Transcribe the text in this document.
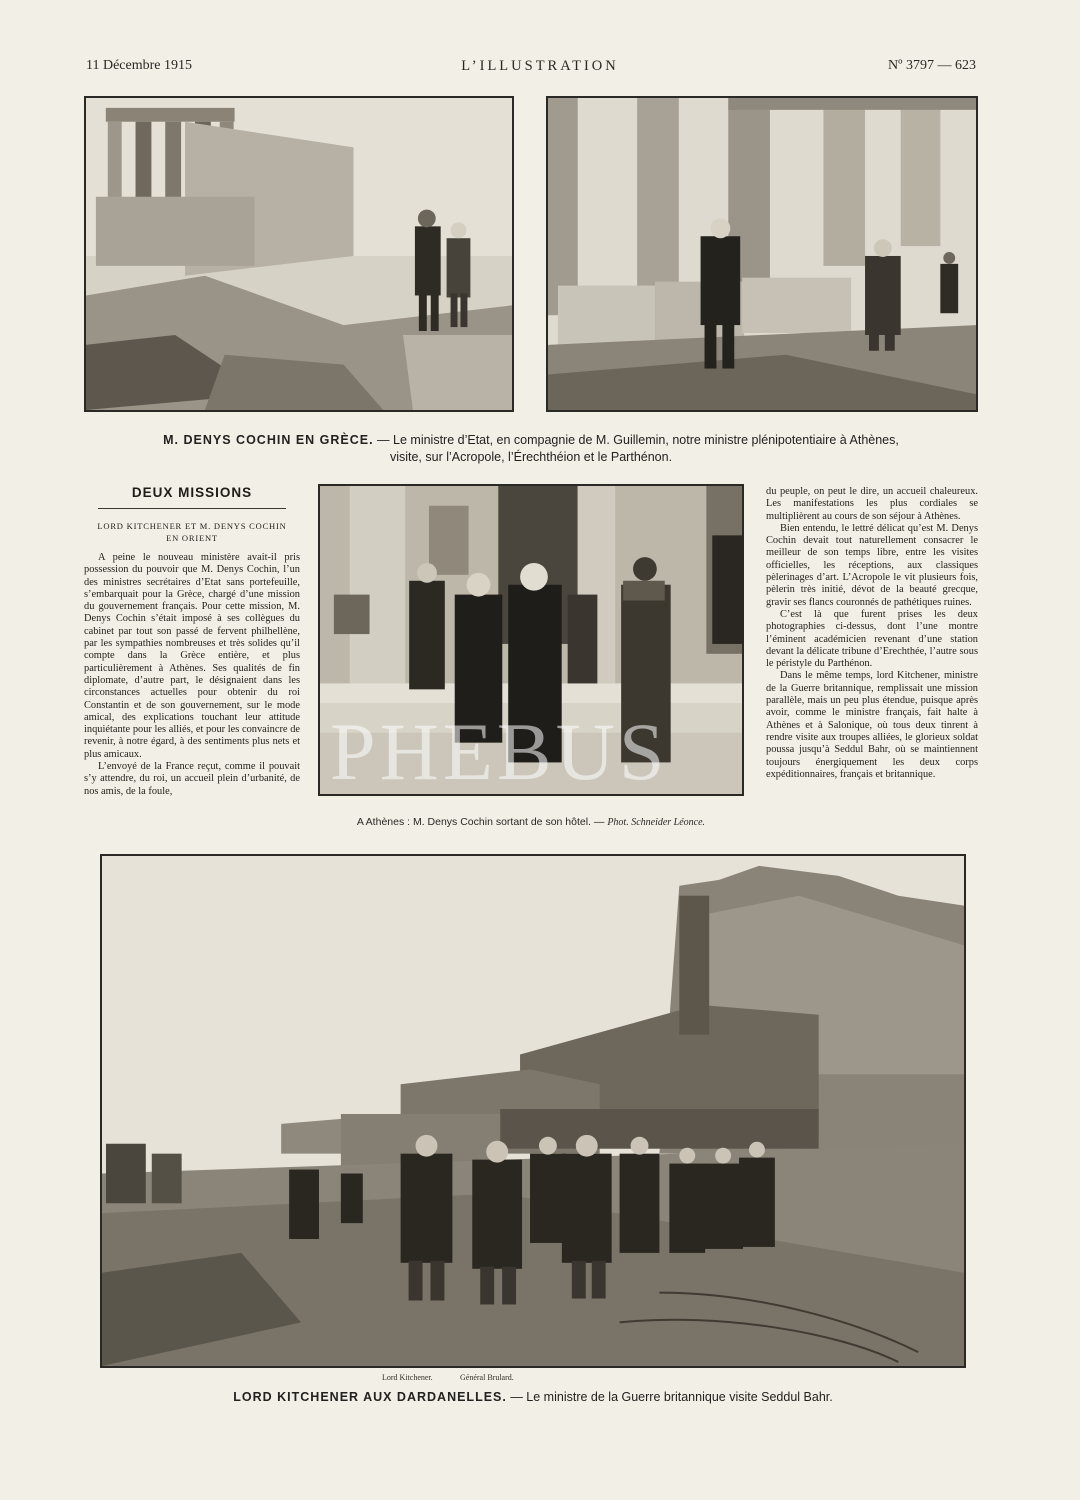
11 Décembre 1915	L’ILLUSTRATION	Nº 3797 — 623
M. DENYS COCHIN EN GRÈCE. — Le ministre d’Etat, en compagnie de M. Guillemin, notre ministre plénipotentiaire à Athènes,
visite, sur l’Acropole, l’Érechthéion et le Parthénon.
DEUX MISSIONS
LORD KITCHENER ET M. DENYS COCHIN
EN ORIENT

A peine le nouveau ministère avait-il pris possession du pouvoir que M. Denys Cochin, l’un des ministres secrétaires d’Etat sans portefeuille, s’embarquait pour la Grèce, chargé d’une mission du gouvernement français. Pour cette mission, M. Denys Cochin s’était imposé à ses collègues du cabinet par tout son passé de fervent philhellène, par les sympathies nombreuses et très solides qu’il compte dans la Grèce entière, et plus particulièrement à Athènes. Ses qualités de fin diplomate, d’autre part, le désignaient dans les circonstances actuelles pour obtenir du roi Constantin et de son gouvernement, sur le mode amical, des explications touchant leur attitude inquiétante pour les alliés, et pour les convaincre de revenir, à notre égard, à des sentiments plus nets et plus amicaux.

L’envoyé de la France reçut, comme il pouvait s’y attendre, du roi, un accueil plein d’urbanité, de nos amis, de la foule,

A Athènes : M. Denys Cochin sortant de son hôtel. — Phot. Schneider Léonce.

du peuple, on peut le dire, un accueil chaleureux. Les manifestations les plus cordiales se multiplièrent au cours de son séjour à Athènes.

Bien entendu, le lettré délicat qu’est M. Denys Cochin devait tout naturellement consacrer le meilleur de son temps libre, entre les visites officielles, les réceptions, aux classiques pèlerinages d’art. L’Acropole le vit plusieurs fois, pèlerin très initié, dévot de la beauté grecque, gravir ses flancs couronnés de pathétiques ruines.

C’est là que furent prises les deux photographies ci-dessus, dont l’une montre l’éminent académicien revenant d’une station devant la délicate tribune d’Erechthée, l’autre sous le péristyle du Parthénon.

Dans le même temps, lord Kitchener, ministre de la Guerre britannique, remplissait une mission parallèle, mais un peu plus étendue, puisque après avoir, comme le ministre français, fait halte à Athènes et à Salonique, où tous deux tinrent à rendre visite aux troupes alliées, le glorieux soldat poussa jusqu’à Seddul Bahr, où se maintiennent toujours énergiquement les deux corps expéditionnaires, français et britannique.

Lord Kitchener.	Général Brulard.
LORD KITCHENER AUX DARDANELLES. — Le ministre de la Guerre britannique visite Seddul Bahr.
PHEBUS
